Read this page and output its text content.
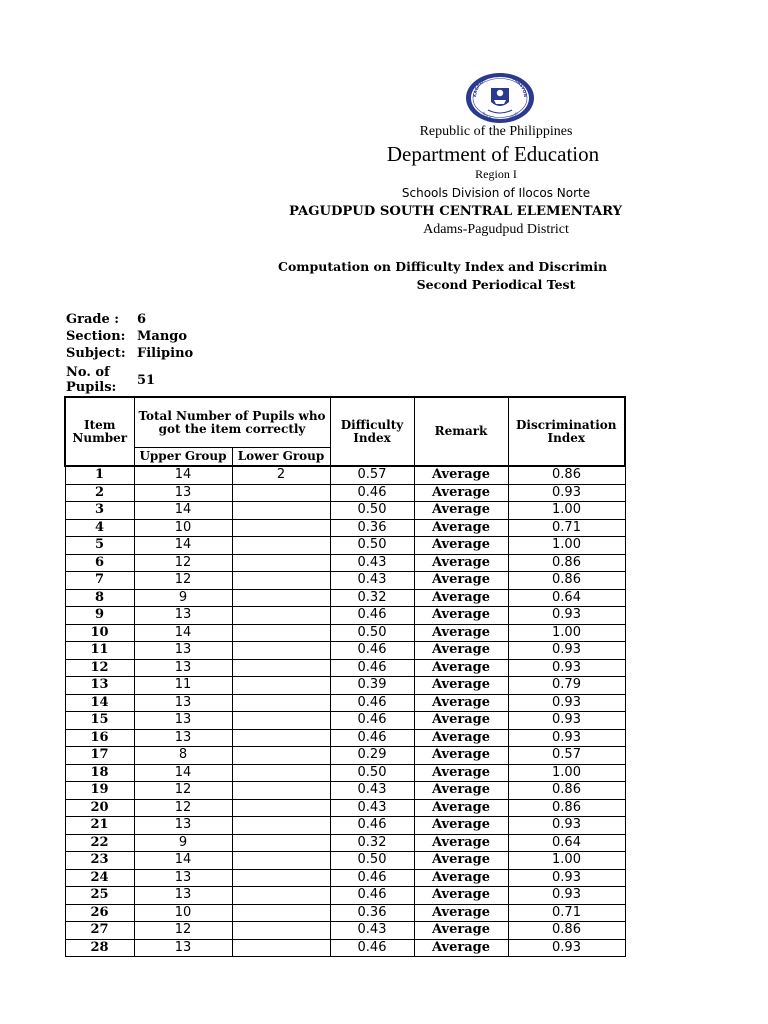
KAGAWARAN NG EDUKASYON
REPUBLIKA NG PILIPINAS
Republic of the Philippines
Department of Education
Region I
Schools Division of Ilocos Norte
PAGUDPUD SOUTH CENTRAL ELEMENTARY
Adams-Pagudpud District
Computation on Difficulty Index and Discrimin
Second Periodical Test
Grade : 6
Section: Mango
Subject: Filipino
No. of
Pupils: 51
Item Number	Total Number of Pupils who got the item correctly		Difficulty Index	Remark	Discrimination Index
	Upper Group	Lower Group			
1	14	2	0.57	Average	0.86
2	13		0.46	Average	0.93
3	14		0.50	Average	1.00
4	10		0.36	Average	0.71
5	14		0.50	Average	1.00
6	12		0.43	Average	0.86
7	12		0.43	Average	0.86
8	9		0.32	Average	0.64
9	13		0.46	Average	0.93
10	14		0.50	Average	1.00
11	13		0.46	Average	0.93
12	13		0.46	Average	0.93
13	11		0.39	Average	0.79
14	13		0.46	Average	0.93
15	13		0.46	Average	0.93
16	13		0.46	Average	0.93
17	8		0.29	Average	0.57
18	14		0.50	Average	1.00
19	12		0.43	Average	0.86
20	12		0.43	Average	0.86
21	13		0.46	Average	0.93
22	9		0.32	Average	0.64
23	14		0.50	Average	1.00
24	13		0.46	Average	0.93
25	13		0.46	Average	0.93
26	10		0.36	Average	0.71
27	12		0.43	Average	0.86
28	13		0.46	Average	0.93
